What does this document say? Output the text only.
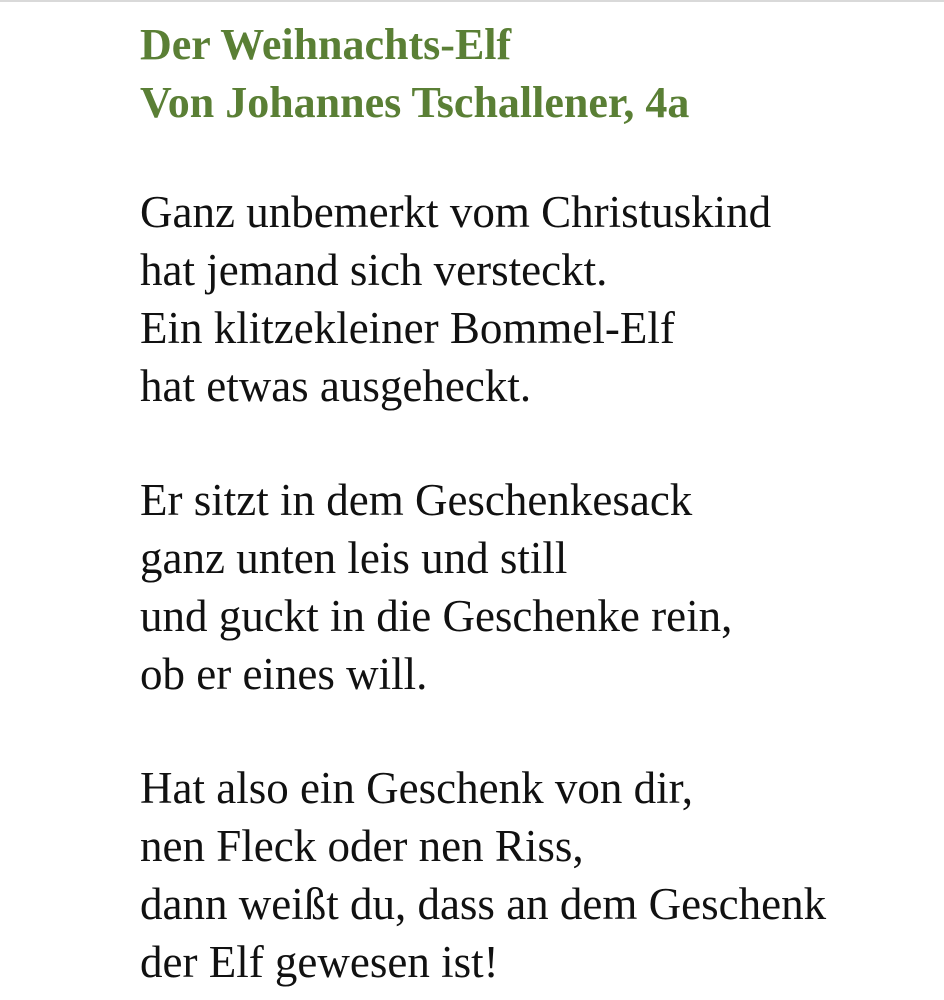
Der Weihnachts-Elf
Von Johannes Tschallener, 4a
Ganz unbemerkt vom Christuskind
hat jemand sich versteckt.
Ein klitzekleiner Bommel-Elf
hat etwas ausgeheckt.
Er sitzt in dem Geschenkesack
ganz unten leis und still
und guckt in die Geschenke rein,
ob er eines will.
Hat also ein Geschenk von dir,
nen Fleck oder nen Riss,
dann weißt du, dass an dem Geschenk
der Elf gewesen ist!
